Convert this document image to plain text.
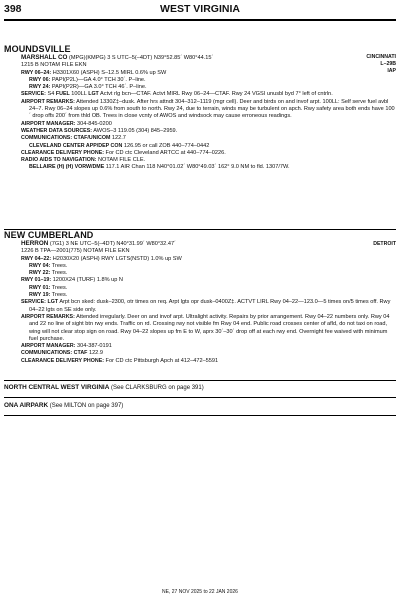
398	WEST VIRGINIA
MOUNDSVILLE
CINCINNATI
L–29B
IAP
MARSHALL CO (MPG)(KMPG) 3 S UTC–5(–4DT) N39°52.85´ W80°44.15´
1215 B NOTAM FILE EKN
RWY 06–24: H3301X60 (ASPH) S–12.5 MIRL 0.6% up SW
RWY 06: PAPI(P2L)—GA 4.0° TCH 30´. P–line.
RWY 24: PAPI(P2R)—GA 3.0° TCH 46´. P–line.
SERVICE: S4 FUEL 100LL LGT Actvt rlg bcn—CTAF. Actvt MIRL Rwy 06–24—CTAF. Rwy 24 VGSI unusbl byd 7° left of cntrln.
AIRPORT REMARKS: Attended 1330Z‡–dusk. After hrs attndt 304–312–1119 (mgr cell). Deer and birds on and invof arpt. 100LL: Self serve fuel avbl 24–7. Rwy 06–24 slopes up 0.6% from south to north. Rwy 24, due to terrain, winds may be turbulent on apch. Rwy safety area both ends have 100´ drop offs 200´ from thld OB. Trees in close vcnty of AWOS and windsock may cause erroneous readings.
AIRPORT MANAGER: 304-845-0200
WEATHER DATA SOURCES: AWOS–3 119.05 (304) 845–2959.
COMMUNICATIONS: CTAF/UNICOM 122.7
CLEVELAND CENTER APP/DEP CON 126.95 or call ZOB 440–774–0442
CLEARANCE DELIVERY PHONE: For CD ctc Cleveland ARTCC at 440–774–0226.
RADIO AIDS TO NAVIGATION: NOTAM FILE CLE.
BELLAIRE (H) (H) VORW/DME 117.1 AIR Chan 118 N40°01.02´ W80°49.03´ 162° 9.0 NM to fld. 1307/7W.
NEW CUMBERLAND
DETROIT
HERRON (7G1) 3 NE UTC–5(–4DT) N40°31.99´ W80°32.47´
1226 B TPA—2001(775) NOTAM FILE EKN
RWY 04–22: H2030X20 (ASPH) RWY LGTS(NSTD) 1.0% up SW
RWY 04: Trees.
RWY 22: Trees.
RWY 01–19: 1200X24 (TURF) 1.8% up N
RWY 01: Trees.
RWY 19: Trees.
SERVICE: LGT Arpt bcn sked: dusk–2300, otr times on req. Arpt lgts opr dusk–0400Z‡. ACTVT LIRL Rwy 04–22—123.0—5 times on/5 times off. Rwy 04–22 lgts on SE side only.
AIRPORT REMARKS: Attended irregularly. Deer on and invof arpt. Ultralight activity. Repairs by prior arrangement. Rwy 04–22 numbers only. Rwy 04 and 22 no line of sight btn rwy ends. Traffic on rd. Crossing rwy not visible fm Rwy 04 end. Public road crosses center of afld, do not taxi on road, wing will not clear stop sign on road. Rwy 04–22 slopes up fm E to W, aprx 30´–30´ drop off at each rwy end. Overnight fee waived with minimum fuel purchase.
AIRPORT MANAGER: 304-387-0191
COMMUNICATIONS: CTAF 122.9
CLEARANCE DELIVERY PHONE: For CD ctc Pittsburgh Apch at 412–472–5591
NORTH CENTRAL WEST VIRGINIA (See CLARKSBURG on page 391)
ONA AIRPARK (See MILTON on page 397)
NE, 27 NOV 2025 to 22 JAN 2026
